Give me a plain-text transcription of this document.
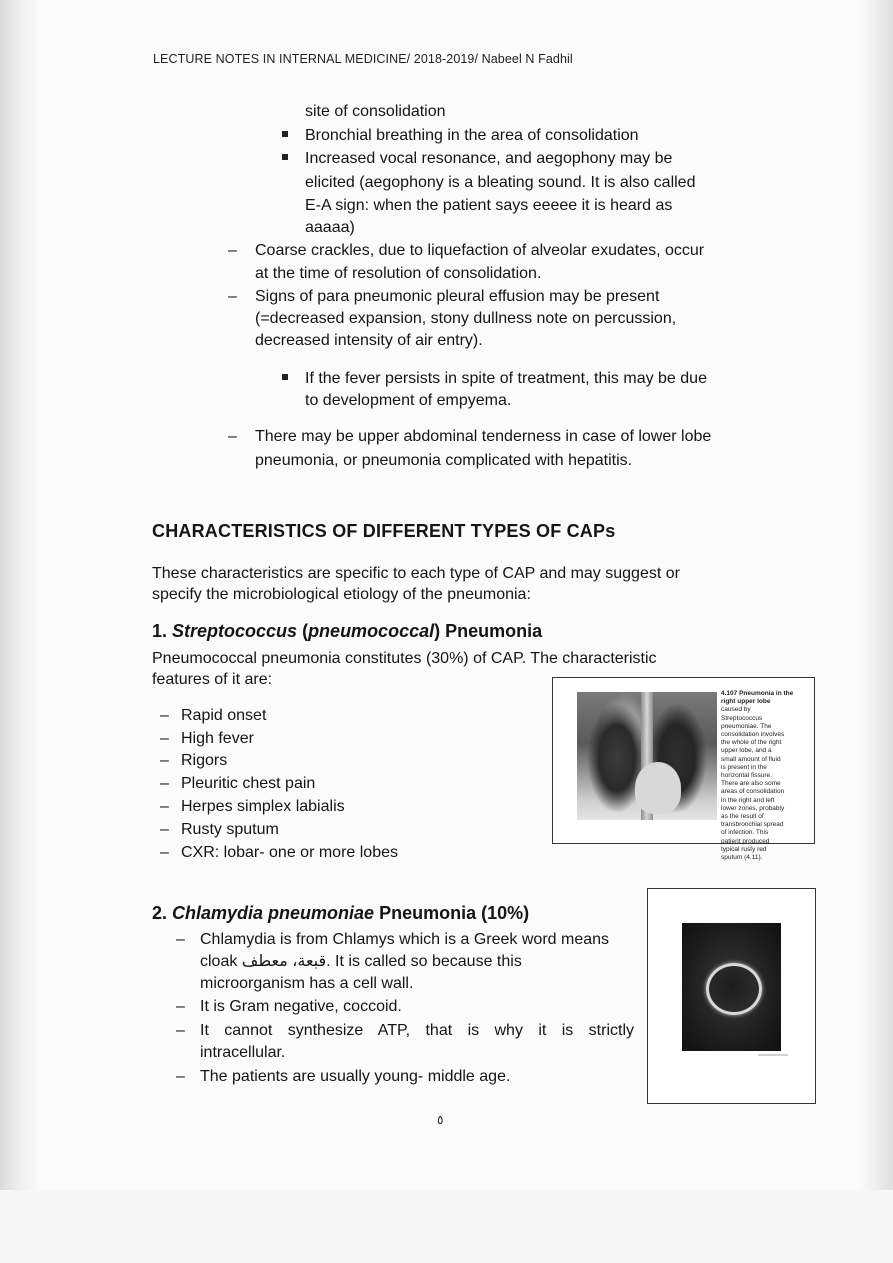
LECTURE NOTES IN INTERNAL MEDICINE/ 2018-2019/ Nabeel N Fadhil
site of consolidation
Bronchial breathing in the area of consolidation
Increased vocal resonance, and aegophony may be
elicited (aegophony is a bleating sound. It is also called
E-A sign: when the patient says eeeee it is heard as
aaaaa)
– Coarse crackles, due to liquefaction of alveolar exudates, occur
at the time of resolution of consolidation.
– Signs of para pneumonic pleural effusion may be present
(=decreased expansion, stony dullness note on percussion,
decreased intensity of air entry).
If the fever persists in spite of treatment, this may be due
to development of empyema.
– There may be upper abdominal tenderness in case of lower lobe
pneumonia, or pneumonia complicated with hepatitis.
CHARACTERISTICS OF DIFFERENT TYPES OF CAPs
These characteristics are specific to each type of CAP and may suggest or
specify the microbiological etiology of the pneumonia:
1. Streptococcus (pneumococcal) Pneumonia
Pneumococcal pneumonia constitutes (30%) of CAP. The characteristic
features of it are:
– Rapid onset
– High fever
– Rigors
– Pleuritic chest pain
– Herpes simplex labialis
– Rusty sputum
– CXR: lobar- one or more lobes
4.107 Pneumonia in the right upper lobe
caused by
Streptococcus
pneumoniae. The
consolidation involves
the whole of the right
upper lobe, and a
small amount of fluid
is present in the
horizontal fissure.
There are also some
areas of consolidation
in the right and left
lower zones, probably
as the result of
transbronchial spread
of infection. This
patient produced
typical rusty red
sputum (4.11).
2. Chlamydia pneumoniae Pneumonia (10%)
– Chlamydia is from Chlamys which is a Greek word means
cloak قبعة، معطف. It is called so because this
microorganism has a cell wall.
– It is Gram negative, coccoid.
– It cannot synthesize ATP, that is why it is strictly
intracellular.
– The patients are usually young- middle age.
٥
